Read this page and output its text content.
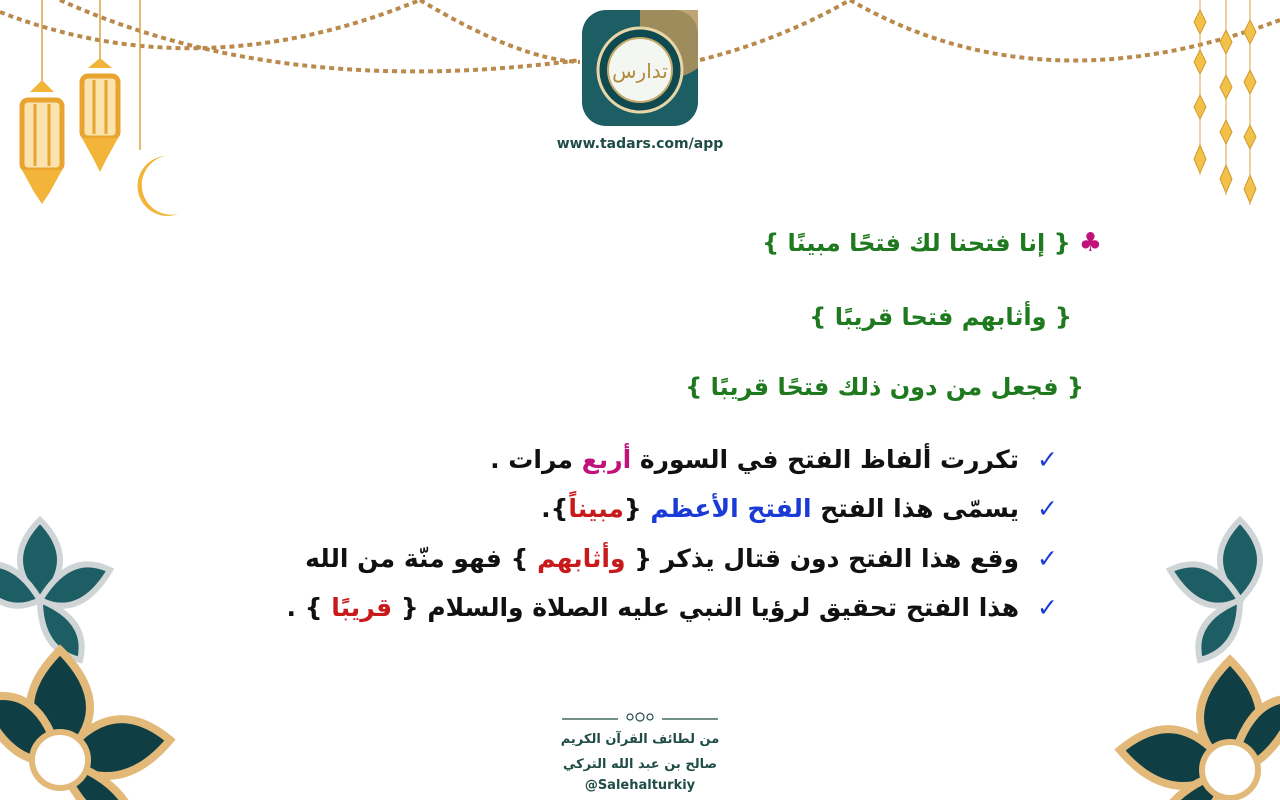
تدارس
www.tadars.com/app
♣{ إنا فتحنا لك فتحًا مبينًا }
{ وأثابهم فتحا قريبًا }
{ فجعل من دون ذلك فتحًا قريبًا }
✓تكررت ألفاظ الفتح في السورة أربع مرات .
✓يسمّى هذا الفتح الفتح الأعظم {مبيناً}.
✓وقع هذا الفتح دون قتال يذكر { وأثابهم } فهو منّة من الله
✓هذا الفتح تحقيق لرؤيا النبي عليه الصلاة والسلام { قريبًا } .
من لطائف القرآن الكريم
صالح بن عبد الله التركي
@Salehalturkiy
